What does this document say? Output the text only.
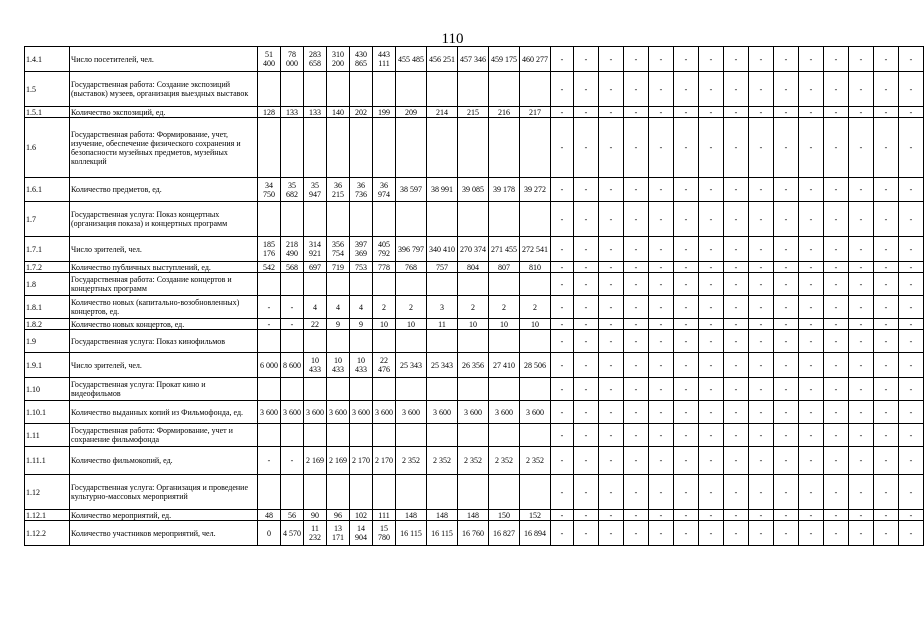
110
1.4.1	Число посетителей, чел.	51 400	78 000	283 658	310 200	430 865	443 111	455 485	456 251	457 346	459 175	460 277	-	-	-	-	-	-	-	-	-	-	-	-	-	-	-
1.5	Государственная работа: Создание экспозиций (выставок) музеев, организация выездных выставок												-	-	-	-	-	-	-	-	-	-	-	-	-	-	-
1.5.1	Количество экспозиций, ед.	128	133	133	140	202	199	209	214	215	216	217	-	-	-	-	-	-	-	-	-	-	-	-	-	-	-
1.6	Государственная работа: Формирование, учет, изучение, обеспечение физического сохранения и безопасности музейных предметов, музейных коллекций												-	-	-	-	-	-	-	-	-	-	-	-	-	-	-
1.6.1	Количество предметов, ед.	34 750	35 682	35 947	36 215	36 736	36 974	38 597	38 991	39 085	39 178	39 272	-	-	-	-	-	-	-	-	-	-	-	-	-	-	-
1.7	Государственная услуга: Показ концертных (организация показа) и концертных программ												-	-	-	-	-	-	-	-	-	-	-	-	-	-	-
1.7.1	Число зрителей, чел.	185 176	218 490	314 921	356 754	397 369	405 792	396 797	340 410	270 374	271 455	272 541	-	-	-	-	-	-	-	-	-	-	-	-	-	-	-
1.7.2	Количество публичных выступлений, ед.	542	568	697	719	753	778	768	757	804	807	810	-	-	-	-	-	-	-	-	-	-	-	-	-	-	-
1.8	Государственная работа: Создание концертов и концертных программ												-	-	-	-	-	-	-	-	-	-	-	-	-	-	-
1.8.1	Количество новых (капитально-возобновленных) концертов, ед.	-	-	4	4	4	2	2	3	2	2	2	-	-	-	-	-	-	-	-	-	-	-	-	-	-	-
1.8.2	Количество новых концертов, ед.	-	-	22	9	9	10	10	11	10	10	10	-	-	-	-	-	-	-	-	-	-	-	-	-	-	-
1.9	Государственная услуга: Показ кинофильмов												-	-	-	-	-	-	-	-	-	-	-	-	-	-	-
1.9.1	Число зрителей, чел.	6 000	8 600	10 433	10 433	10 433	22 476	25 343	25 343	26 356	27 410	28 506	-	-	-	-	-	-	-	-	-	-	-	-	-	-	-
1.10	Государственная услуга: Прокат кино и видеофильмов												-	-	-	-	-	-	-	-	-	-	-	-	-	-	-
1.10.1	Количество выданных копий из Фильмофонда, ед.	3 600	3 600	3 600	3 600	3 600	3 600	3 600	3 600	3 600	3 600	3 600	-	-	-	-	-	-	-	-	-	-	-	-	-	-	-
1.11	Государственная работа: Формирование, учет и сохранение фильмофонда												-	-	-	-	-	-	-	-	-	-	-	-	-	-	-
1.11.1	Количество фильмокопий, ед.	-	-	2 169	2 169	2 170	2 170	2 352	2 352	2 352	2 352	2 352	-	-	-	-	-	-	-	-	-	-	-	-	-	-	-
1.12	Государственная услуга: Организация и проведение культурно-массовых мероприятий												-	-	-	-	-	-	-	-	-	-	-	-	-	-	-
1.12.1	Количество мероприятий, ед.	48	56	90	96	102	111	148	148	148	150	152	-	-	-	-	-	-	-	-	-	-	-	-	-	-	-
1.12.2	Количество участников мероприятий, чел.	0	4 570	11 232	13 171	14 904	15 780	16 115	16 115	16 760	16 827	16 894	-	-	-	-	-	-	-	-	-	-	-	-	-	-	-
